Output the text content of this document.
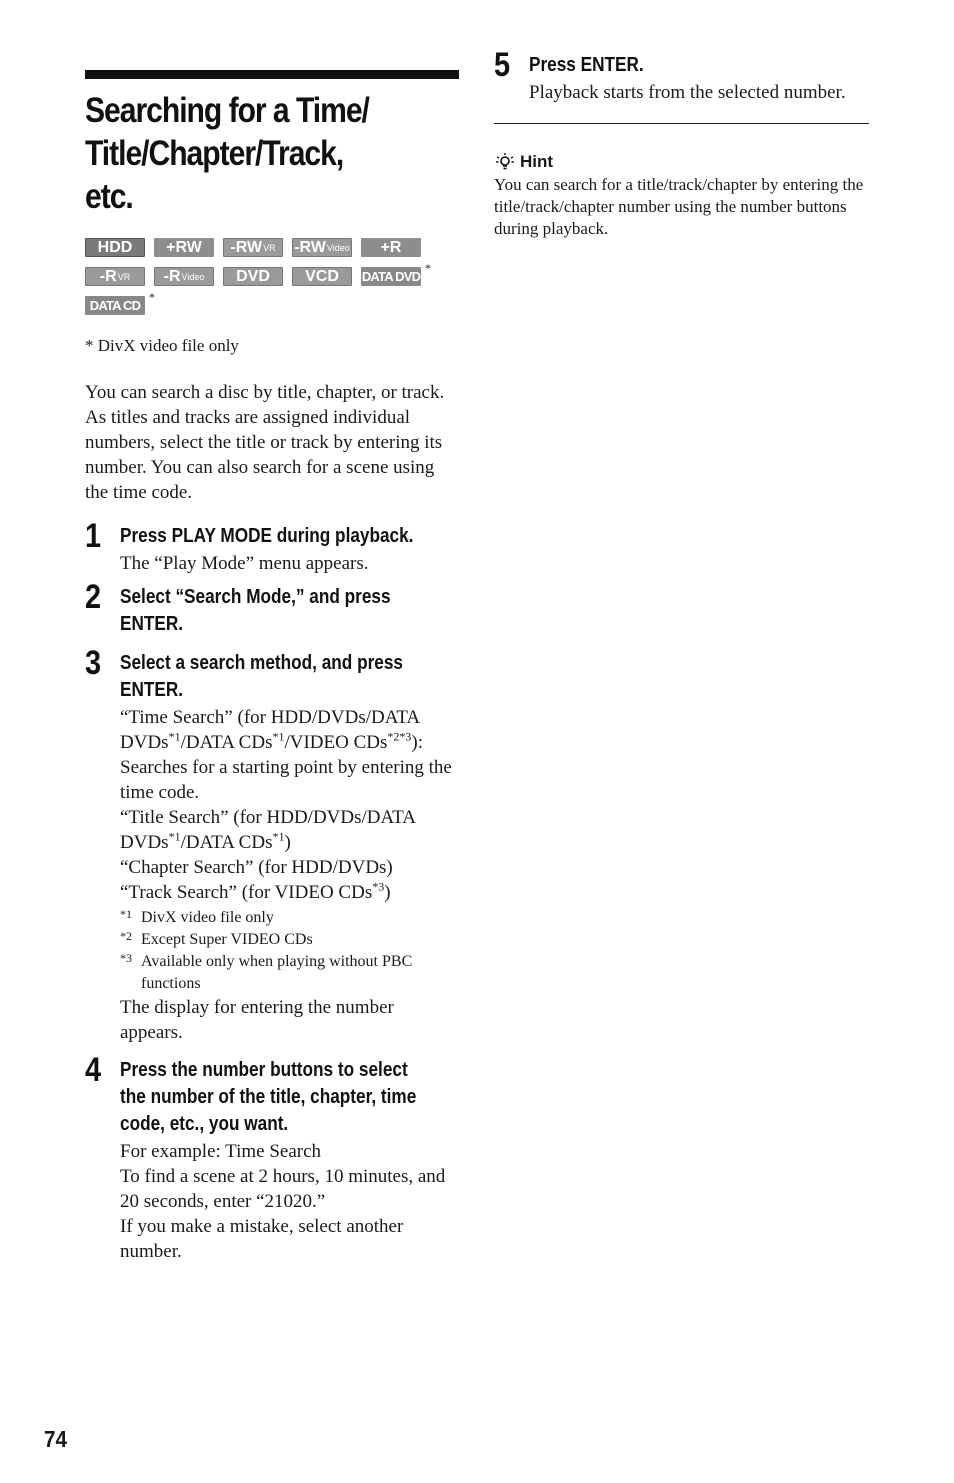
Searching for a Time/
Title/Chapter/Track,
etc.
HDD +RW -RW VR -RW Video +R
-R VR -R Video DVD VCD DATA DVD
*
DATA CD
*
* DivX video file only
You can search a disc by title, chapter, or track. As titles and tracks are assigned individual numbers, select the title or track by entering its number. You can also search for a scene using the time code.
1 Press PLAY MODE during playback.
The “Play Mode” menu appears.
2 Select “Search Mode,” and press
ENTER.
3 Select a search method, and press
ENTER.

“Time Search” (for HDD/DVDs/DATA DVDs$^{*1}$/DATA CDs$^{*1}$/VIDEO CDs$^{*2*3}$): Searches for a starting point by entering the time code.

“Title Search” (for HDD/DVDs/DATA DVDs$^{*1}$/DATA CDs$^{*1}$)

“Chapter Search” (for HDD/DVDs)

“Track Search” (for VIDEO CDs$^{*3}$)

*1 DivX video file only
*2 Except Super VIDEO CDs
*3 Available only when playing without PBC functions

The display for entering the number appears.

4 Press the number buttons to select
the number of the title, chapter, time
code, etc., you want.

For example: Time Search

To find a scene at 2 hours, 10 minutes, and 20 seconds, enter “21020.”

If you make a mistake, select another number.

5 Press ENTER.
Playback starts from the selected number.
Hint
You can search for a title/track/chapter by entering the title/track/chapter number using the number buttons during playback.
74
